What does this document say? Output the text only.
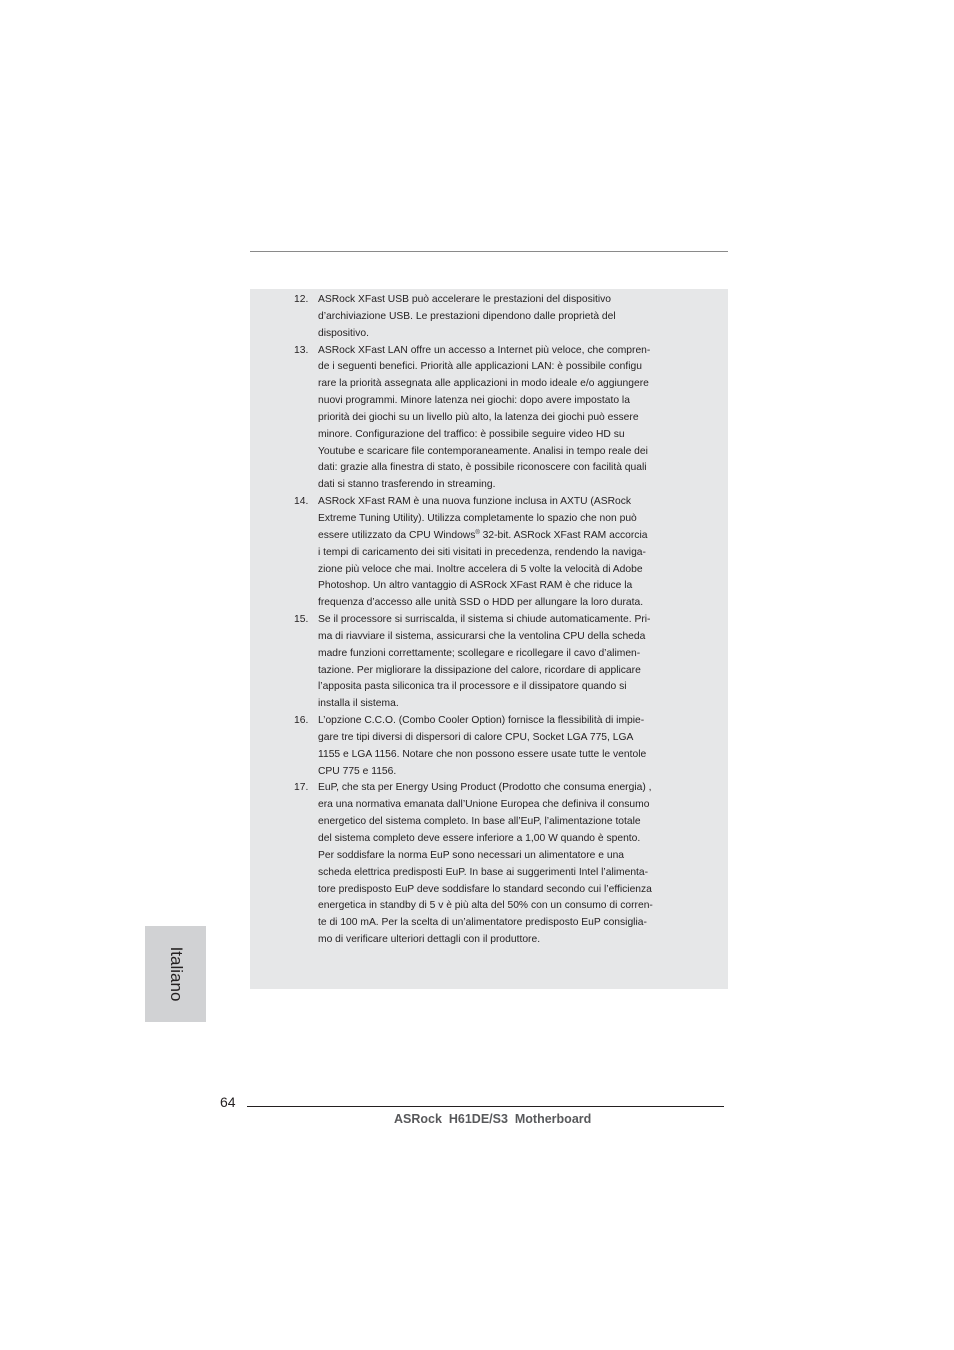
12. ASRock XFast USB può accelerare le prestazioni del dispositivo
d’archiviazione USB. Le prestazioni dipendono dalle proprietà del
dispositivo.
13. ASRock XFast LAN offre un accesso a Internet più veloce, che compren-
de i seguenti benefici. Priorità alle applicazioni LAN: è possibile configu
rare la priorità assegnata alle applicazioni in modo ideale e/o aggiungere
nuovi programmi. Minore latenza nei giochi: dopo avere impostato la
priorità dei giochi su un livello più alto, la latenza dei giochi può essere
minore. Configurazione del traffico: è possibile seguire video HD su
Youtube e scaricare file contemporaneamente. Analisi in tempo reale dei
dati: grazie alla finestra di stato, è possibile riconoscere con facilità quali
dati si stanno trasferendo in streaming.
14. ASRock XFast RAM è una nuova funzione inclusa in AXTU (ASRock
Extreme Tuning Utility). Utilizza completamente lo spazio che non può
essere utilizzato da CPU Windows® 32-bit. ASRock XFast RAM accorcia
i tempi di caricamento dei siti visitati in precedenza, rendendo la naviga-
zione più veloce che mai. Inoltre accelera di 5 volte la velocità di Adobe
Photoshop. Un altro vantaggio di ASRock XFast RAM è che riduce la
frequenza d’accesso alle unità SSD o HDD per allungare la loro durata.
15. Se il processore si surriscalda, il sistema si chiude automaticamente. Pri-
ma di riavviare il sistema, assicurarsi che la ventolina CPU della scheda
madre funzioni correttamente; scollegare e ricollegare il cavo d’alimen-
tazione. Per migliorare la dissipazione del calore, ricordare di applicare
l’apposita pasta siliconica tra il processore e il dissipatore quando si
installa il sistema.
16. L’opzione C.C.O. (Combo Cooler Option) fornisce la flessibilità di impie-
gare tre tipi diversi di dispersori di calore CPU, Socket LGA 775, LGA
1155 e LGA 1156. Notare che non possono essere usate tutte le ventole
CPU 775 e 1156.
17. EuP, che sta per Energy Using Product (Prodotto che consuma energia) ,
era una normativa emanata dall’Unione Europea che definiva il consumo
energetico del sistema completo. In base all’EuP, l’alimentazione totale
del sistema completo deve essere inferiore a 1,00 W quando è spento.
Per soddisfare la norma EuP sono necessari un alimentatore e una
scheda elettrica predisposti EuP. In base ai suggerimenti Intel l’alimenta-
tore predisposto EuP deve soddisfare lo standard secondo cui l’efficienza
energetica in standby di 5 v è più alta del 50% con un consumo di corren-
te di 100 mA. Per la scelta di un’alimentatore predisposto EuP consiglia-
mo di verificare ulteriori dettagli con il produttore.
Italiano
64
ASRock  H61DE/S3  Motherboard
